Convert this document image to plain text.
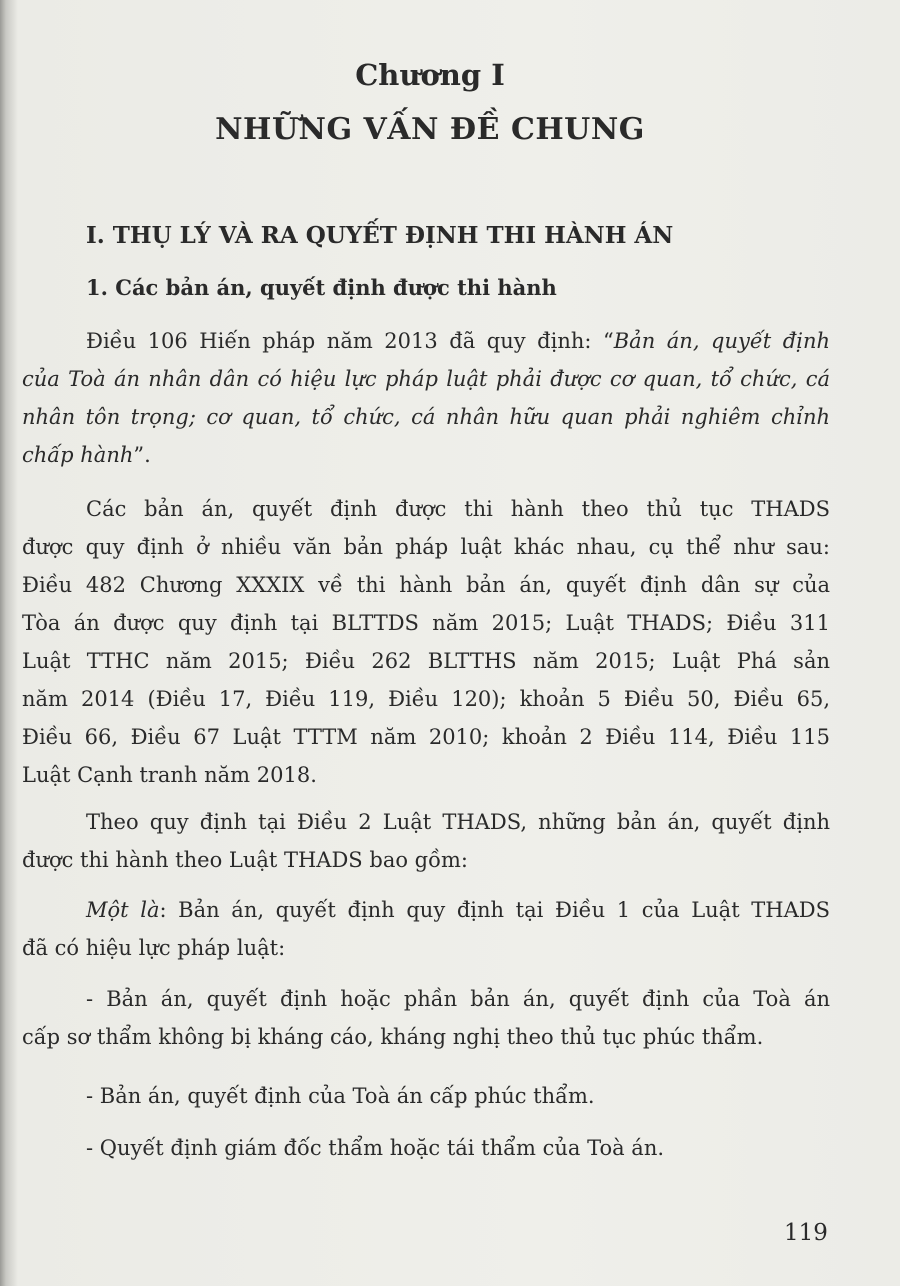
Chương I
NHỮNG VẤN ĐỀ CHUNG
I. THỤ LÝ VÀ RA QUYẾT ĐỊNH THI HÀNH ÁN
1. Các bản án, quyết định được thi hành
Điều 106 Hiến pháp năm 2013 đã quy định: “Bản án, quyết định
của Toà án nhân dân có hiệu lực pháp luật phải được cơ quan, tổ chức, cá
nhân tôn trọng; cơ quan, tổ chức, cá nhân hữu quan phải nghiêm chỉnh
chấp hành”.
Các bản án, quyết định được thi hành theo thủ tục THADS
được quy định ở nhiều văn bản pháp luật khác nhau, cụ thể như sau:
Điều 482 Chương XXXIX về thi hành bản án, quyết định dân sự của
Tòa án được quy định tại BLTTDS năm 2015; Luật THADS; Điều 311
Luật TTHC năm 2015; Điều 262 BLTTHS năm 2015; Luật Phá sản
năm 2014 (Điều 17, Điều 119, Điều 120); khoản 5 Điều 50, Điều 65,
Điều 66, Điều 67 Luật TTTM năm 2010; khoản 2 Điều 114, Điều 115
Luật Cạnh tranh năm 2018.
Theo quy định tại Điều 2 Luật THADS, những bản án, quyết định
được thi hành theo Luật THADS bao gồm:
Một là: Bản án, quyết định quy định tại Điều 1 của Luật THADS
đã có hiệu lực pháp luật:
- Bản án, quyết định hoặc phần bản án, quyết định của Toà án
cấp sơ thẩm không bị kháng cáo, kháng nghị theo thủ tục phúc thẩm.
- Bản án, quyết định của Toà án cấp phúc thẩm.
- Quyết định giám đốc thẩm hoặc tái thẩm của Toà án.
119
